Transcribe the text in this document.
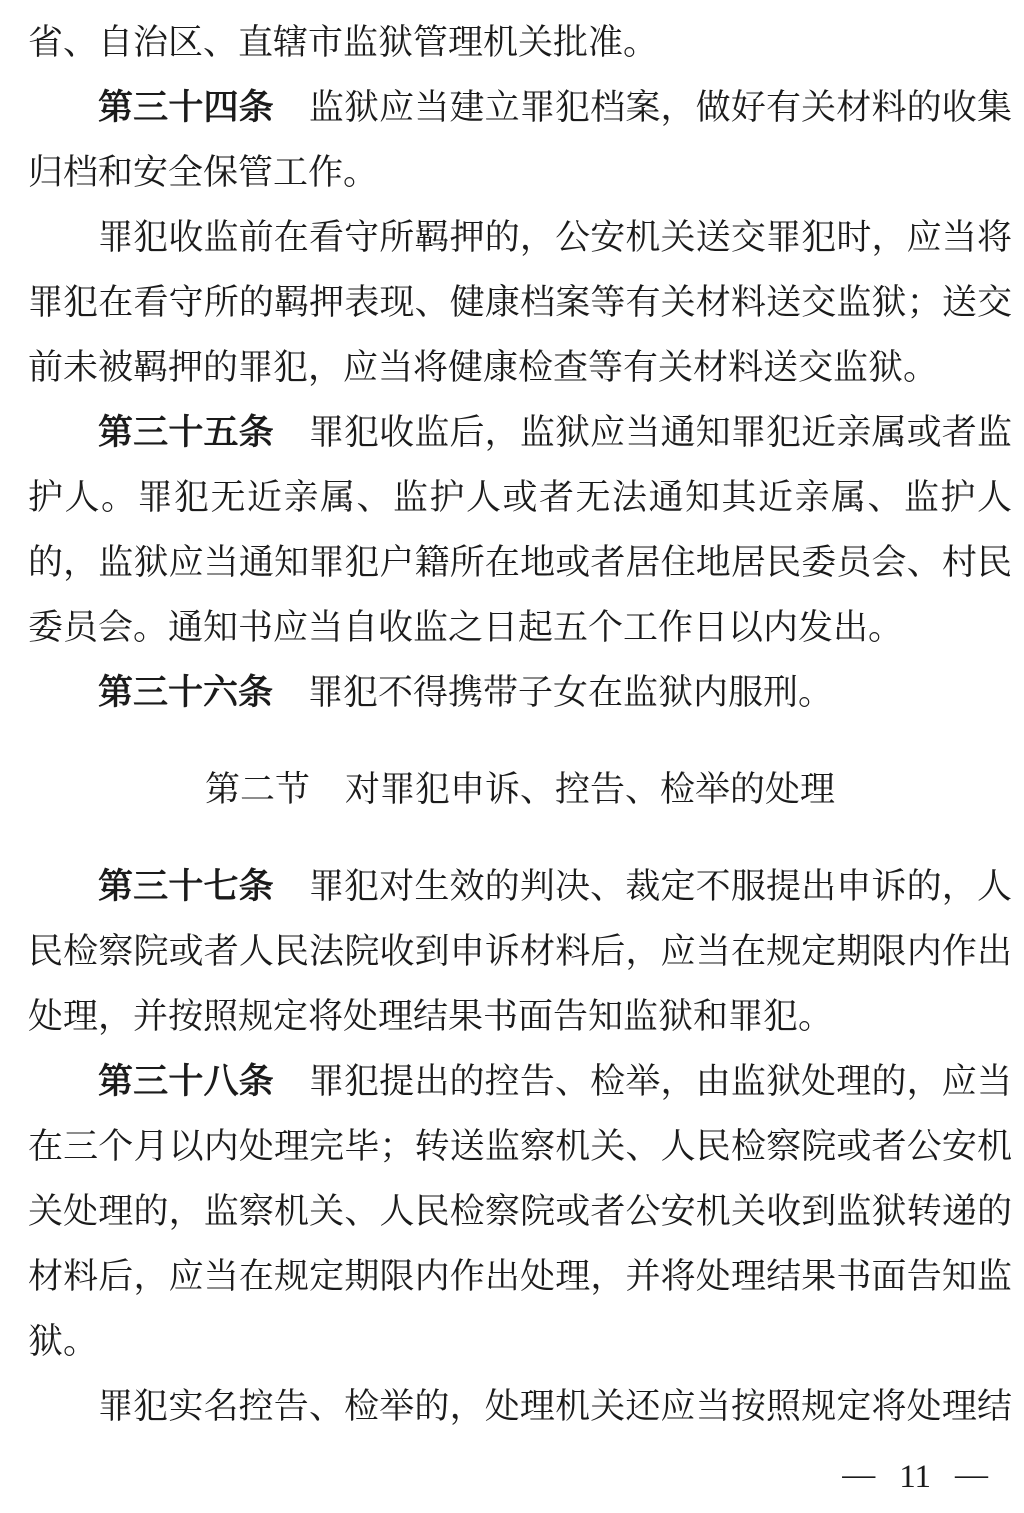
省、自治区、直辖市监狱管理机关批准。

第三十四条 监狱应当建立罪犯档案，做好有关材料的收集归档和安全保管工作。

罪犯收监前在看守所羁押的，公安机关送交罪犯时，应当将罪犯在看守所的羁押表现、健康档案等有关材料送交监狱；送交前未被羁押的罪犯，应当将健康检查等有关材料送交监狱。

第三十五条 罪犯收监后，监狱应当通知罪犯近亲属或者监护人。罪犯无近亲属、监护人或者无法通知其近亲属、监护人的，监狱应当通知罪犯户籍所在地或者居住地居民委员会、村民委员会。通知书应当自收监之日起五个工作日以内发出。

第三十六条 罪犯不得携带子女在监狱内服刑。

第二节　对罪犯申诉、控告、检举的处理

第三十七条 罪犯对生效的判决、裁定不服提出申诉的，人民检察院或者人民法院收到申诉材料后，应当在规定期限内作出处理，并按照规定将处理结果书面告知监狱和罪犯。

第三十八条 罪犯提出的控告、检举，由监狱处理的，应当在三个月以内处理完毕；转送监察机关、人民检察院或者公安机关处理的，监察机关、人民检察院或者公安机关收到监狱转递的材料后，应当在规定期限内作出处理，并将处理结果书面告知监狱。

罪犯实名控告、检举的，处理机关还应当按照规定将处理结

— 11 —
